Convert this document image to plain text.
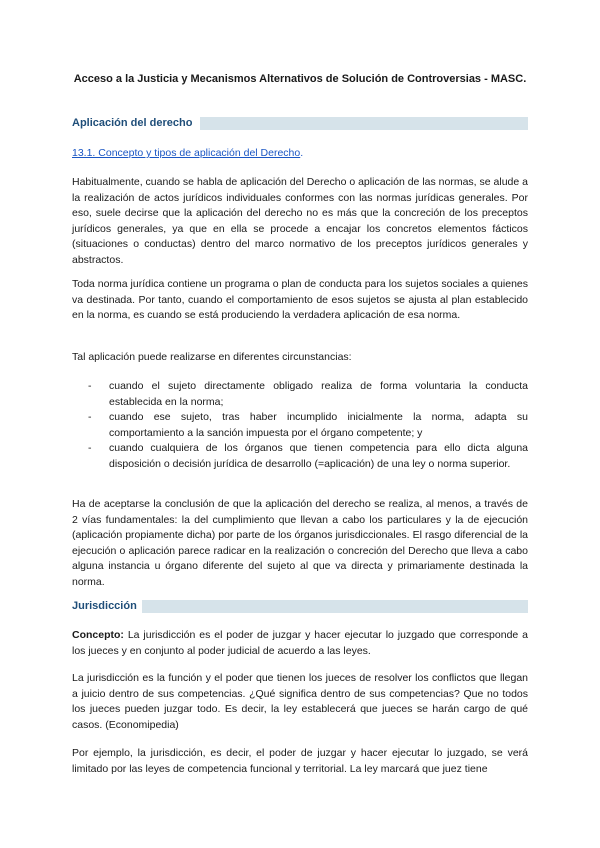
Acceso a la Justicia y Mecanismos Alternativos de Solución de Controversias - MASC.
Aplicación del derecho
13.1. Concepto y tipos de aplicación del Derecho.

Habitualmente, cuando se habla de aplicación del Derecho o aplicación de las normas, se alude a la realización de actos jurídicos individuales conformes con las normas jurídicas generales. Por eso, suele decirse que la aplicación del derecho no es más que la concreción de los preceptos jurídicos generales, ya que en ella se procede a encajar los concretos elementos fácticos (situaciones o conductas) dentro del marco normativo de los preceptos jurídicos generales y abstractos.

Toda norma jurídica contiene un programa o plan de conducta para los sujetos sociales a quienes va destinada. Por tanto, cuando el comportamiento de esos sujetos se ajusta al plan establecido en la norma, es cuando se está produciendo la verdadera aplicación de esa norma.

Tal aplicación puede realizarse en diferentes circunstancias:

- cuando el sujeto directamente obligado realiza de forma voluntaria la conducta establecida en la norma;
- cuando ese sujeto, tras haber incumplido inicialmente la norma, adapta su comportamiento a la sanción impuesta por el órgano competente; y
- cuando cualquiera de los órganos que tienen competencia para ello dicta alguna disposición o decisión jurídica de desarrollo (=aplicación) de una ley o norma superior.

Ha de aceptarse la conclusión de que la aplicación del derecho se realiza, al menos, a través de 2 vías fundamentales: la del cumplimiento que llevan a cabo los particulares y la de ejecución (aplicación propiamente dicha) por parte de los órganos jurisdiccionales. El rasgo diferencial de la ejecución o aplicación parece radicar en la realización o concreción del Derecho que lleva a cabo alguna instancia u órgano diferente del sujeto al que va directa y primariamente destinada la norma.

Jurisdicción

Concepto: La jurisdicción es el poder de juzgar y hacer ejecutar lo juzgado que corresponde a los jueces y en conjunto al poder judicial de acuerdo a las leyes.

La jurisdicción es la función y el poder que tienen los jueces de resolver los conflictos que llegan a juicio dentro de sus competencias. ¿Qué significa dentro de sus competencias? Que no todos los jueces pueden juzgar todo. Es decir, la ley establecerá que jueces se harán cargo de qué casos. (Economipedia)

Por ejemplo, la jurisdicción, es decir, el poder de juzgar y hacer ejecutar lo juzgado, se verá limitado por las leyes de competencia funcional y territorial. La ley marcará que juez tiene
